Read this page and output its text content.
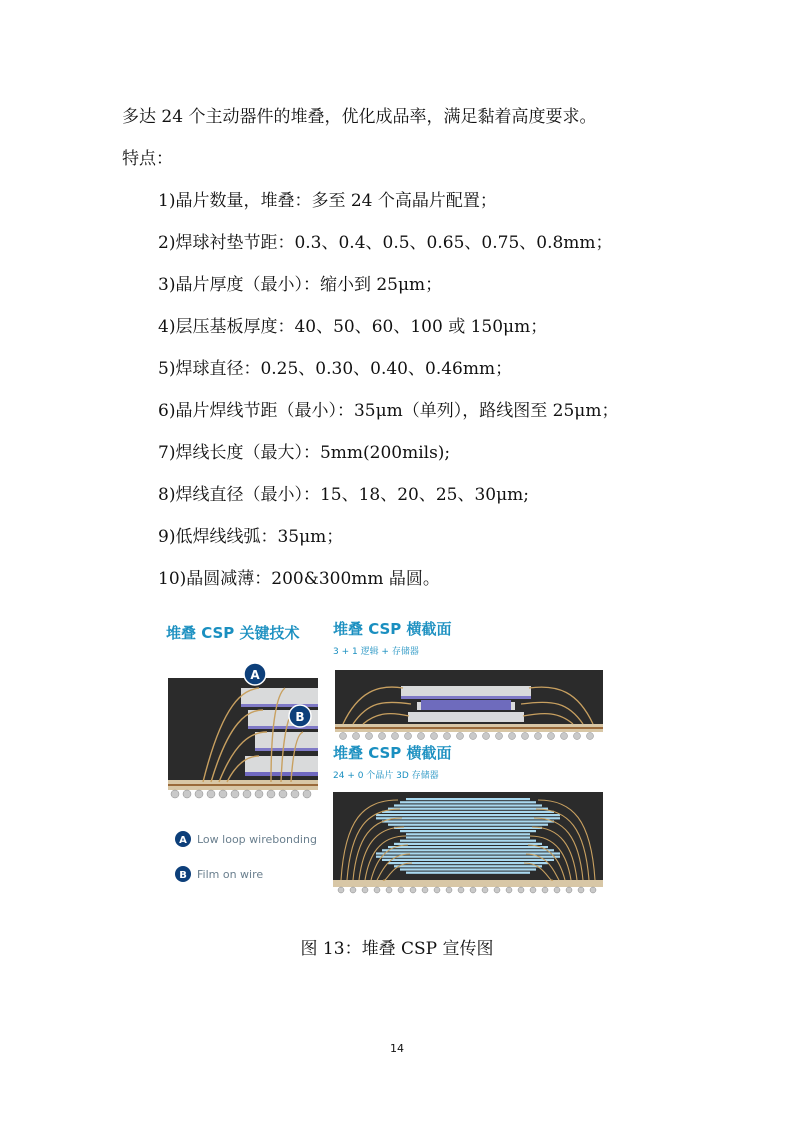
多达 24 个主动器件的堆叠，优化成品率，满足黏着高度要求。
特点：
1)晶片数量，堆叠：多至 24 个高晶片配置；
2)焊球衬垫节距：0.3、0.4、0.5、0.65、0.75、0.8mm；
3)晶片厚度（最小）：缩小到 25μm；
4)层压基板厚度：40、50、60、100 或 150μm；
5)焊球直径：0.25、0.30、0.40、0.46mm；
6)晶片焊线节距（最小）：35μm（单列），路线图至 25μm；
7)焊线长度（最大）：5mm(200mils);
8)焊线直径（最小）：15、18、20、25、30μm;
9)低焊线线弧：35μm；
10)晶圆减薄：200&300mm 晶圆。
堆叠 CSP 关键技术
A
B
A Low loop wirebonding
B Film on wire
堆叠 CSP 横截面
3 + 1 逻辑 + 存储器
堆叠 CSP 横截面
24 + 0 个晶片 3D 存储器
图 13：堆叠 CSP 宣传图
14
